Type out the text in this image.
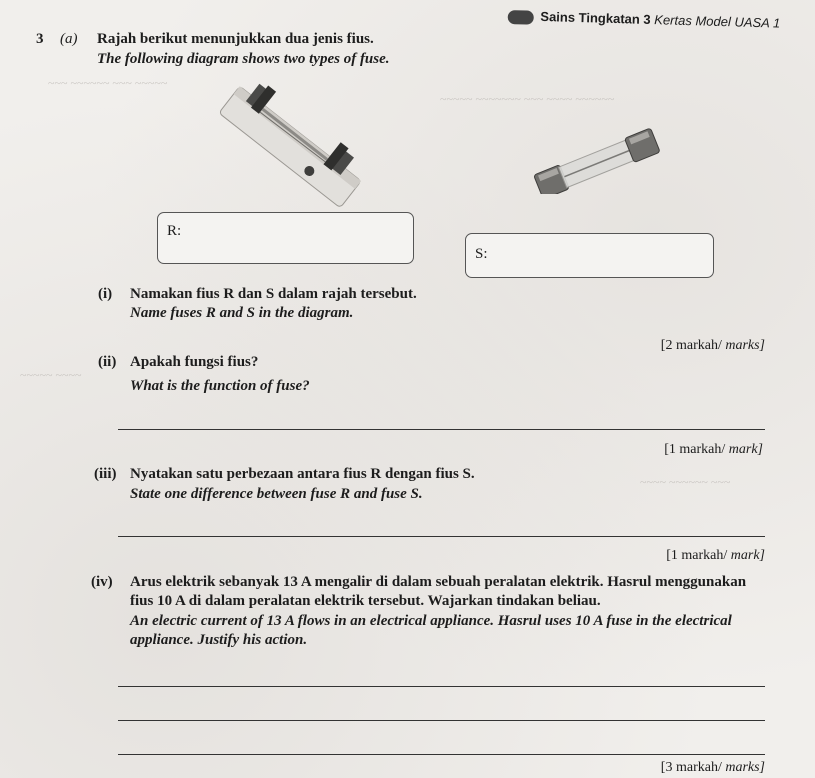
~~~ ~~~~~~ ~~~ ~~~~~
~~~~~ ~~~~~~~ ~~~ ~~~~ ~~~~~~
~~~~~ ~~~~
~~~~ ~~~~~~ ~~~
Sains Tingkatan 3 Kertas Model UASA 1
3 (a) Rajah berikut menunjukkan dua jenis fius.
The following diagram shows two types of fuse.
R:
S:
(i) Namakan fius R dan S dalam rajah tersebut.
Name fuses R and S in the diagram.
[2 markah/ marks]
(ii) Apakah fungsi fius?
What is the function of fuse?
[1 markah/ mark]
(iii) Nyatakan satu perbezaan antara fius R dengan fius S.
State one difference between fuse R and fuse S.
[1 markah/ mark]
(iv) Arus elektrik sebanyak 13 A mengalir di dalam sebuah peralatan elektrik. Hasrul menggunakan
fius 10 A di dalam peralatan elektrik tersebut. Wajarkan tindakan beliau.
An electric current of 13 A flows in an electrical appliance. Hasrul uses 10 A fuse in the electrical
appliance. Justify his action.
[3 markah/ marks]
